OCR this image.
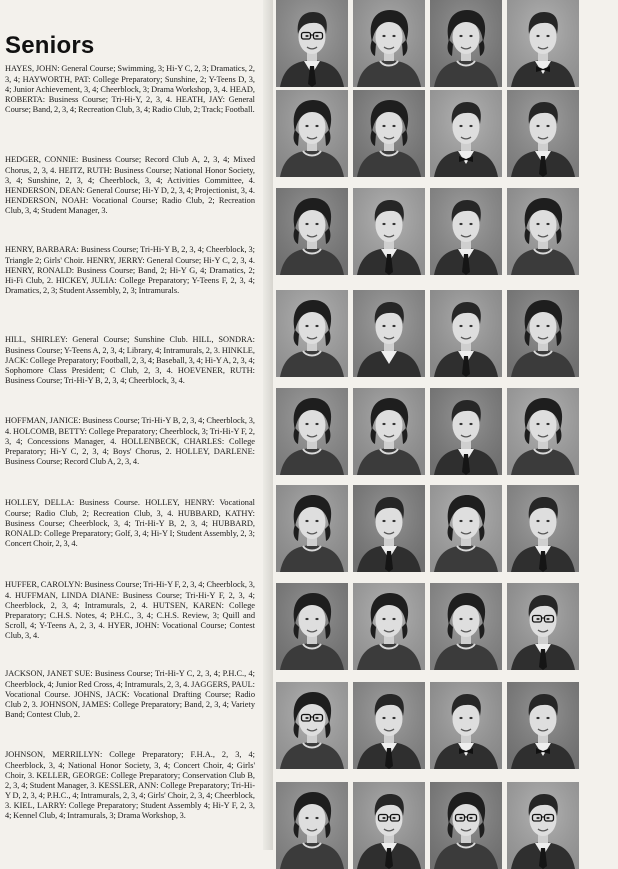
Seniors

HAYES, JOHN: General Course; Swimming, 3; Hi-Y C, 2, 3; Dramatics, 2, 3, 4; HAYWORTH, PAT: College Preparatory; Sunshine, 2; Y-Teens D, 3, 4; Junior Achievement, 3, 4; Cheerblock, 3; Drama Workshop, 3, 4. HEAD, ROBERTA: Business Course; Tri-Hi-Y, 2, 3, 4. HEATH, JAY: General Course; Band, 2, 3, 4; Recreation Club, 3, 4; Radio Club, 2; Track; Football.

HEDGER, CONNIE: Business Course; Record Club A, 2, 3, 4; Mixed Chorus, 2, 3, 4. HEITZ, RUTH: Business Course; National Honor Society, 3, 4; Sunshine, 2, 3, 4; Cheerblock, 3, 4; Activities Committee, 4. HENDERSON, DEAN: General Course; Hi-Y D, 2, 3, 4; Projectionist, 3, 4. HENDERSON, NOAH: Vocational Course; Radio Club, 2; Recreation Club, 3, 4; Student Manager, 3.

HENRY, BARBARA: Business Course; Tri-Hi-Y B, 2, 3, 4; Cheerblock, 3; Triangle 2; Girls' Choir. HENRY, JERRY: General Course; Hi-Y C, 2, 3, 4. HENRY, RONALD: Business Course; Band, 2; Hi-Y G, 4; Dramatics, 2; Hi-Fi Club, 2. HICKEY, JULIA: College Preparatory; Y-Teens F, 2, 3, 4; Dramatics, 2, 3; Student Assembly, 2, 3; Intramurals.

HILL, SHIRLEY: General Course; Sunshine Club. HILL, SONDRA: Business Course; Y-Teens A, 2, 3, 4; Library, 4; Intramurals, 2, 3. HINKLE, JACK: College Preparatory; Football, 2, 3, 4; Baseball, 3, 4; Hi-Y A, 2, 3, 4; Sophomore Class President; C Club, 2, 3, 4. HOEVENER, RUTH: Business Course; Tri-Hi-Y B, 2, 3, 4; Cheerblock, 3, 4.

HOFFMAN, JANICE: Business Course; Tri-Hi-Y B, 2, 3, 4; Cheerblock, 3, 4. HOLCOMB, BETTY: College Preparatory; Cheerblock, 3; Tri-Hi-Y F, 2, 3, 4; Concessions Manager, 4. HOLLENBECK, CHARLES: College Preparatory; Hi-Y C, 2, 3, 4; Boys' Chorus, 2. HOLLEY, DARLENE: Business Course; Record Club A, 2, 3, 4.

HOLLEY, DELLA: Business Course. HOLLEY, HENRY: Vocational Course; Radio Club, 2; Recreation Club, 3, 4. HUBBARD, KATHY: Business Course; Cheerblock, 3, 4; Tri-Hi-Y B, 2, 3, 4; HUBBARD, RONALD: College Preparatory; Golf, 3, 4; Hi-Y I; Student Assembly, 2, 3; Concert Choir, 2, 3, 4.

HUFFER, CAROLYN: Business Course; Tri-Hi-Y F, 2, 3, 4; Cheerblock, 3, 4. HUFFMAN, LINDA DIANE: Business Course; Tri-Hi-Y F, 2, 3, 4; Cheerblock, 2, 3, 4; Intramurals, 2, 4. HUTSEN, KAREN: College Preparatory; C.H.S. Notes, 4; P.H.C., 3, 4; C.H.S. Review, 3; Quill and Scroll, 4; Y-Teens A, 2, 3, 4. HYER, JOHN: Vocational Course; Contest Club, 3, 4.

JACKSON, JANET SUE: Business Course; Tri-Hi-Y C, 2, 3, 4; P.H.C., 4; Cheerblock, 4; Junior Red Cross, 4; Intramurals, 2, 3, 4. JAGGERS, PAUL: Vocational Course. JOHNS, JACK: Vocational Drafting Course; Radio Club 2, 3. JOHNSON, JAMES: College Preparatory; Band, 2, 3, 4; Variety Band; Contest Club, 2.

JOHNSON, MERRILLYN: College Preparatory; F.H.A., 2, 3, 4; Cheerblock, 3, 4; National Honor Society, 3, 4; Concert Choir, 4; Girls' Choir, 3. KELLER, GEORGE: College Preparatory; Conservation Club B, 2, 3, 4; Student Manager, 3. KESSLER, ANN: College Preparatory; Tri-Hi-Y D, 2, 3, 4; P.H.C., 4; Intramurals, 2, 3, 4; Girls' Choir, 2, 3, 4; Cheerblock, 3. KIEL, LARRY: College Preparatory; Student Assembly 4; Hi-Y F, 2, 3, 4; Kennel Club, 4; Intramurals, 3; Drama Workshop, 3.
